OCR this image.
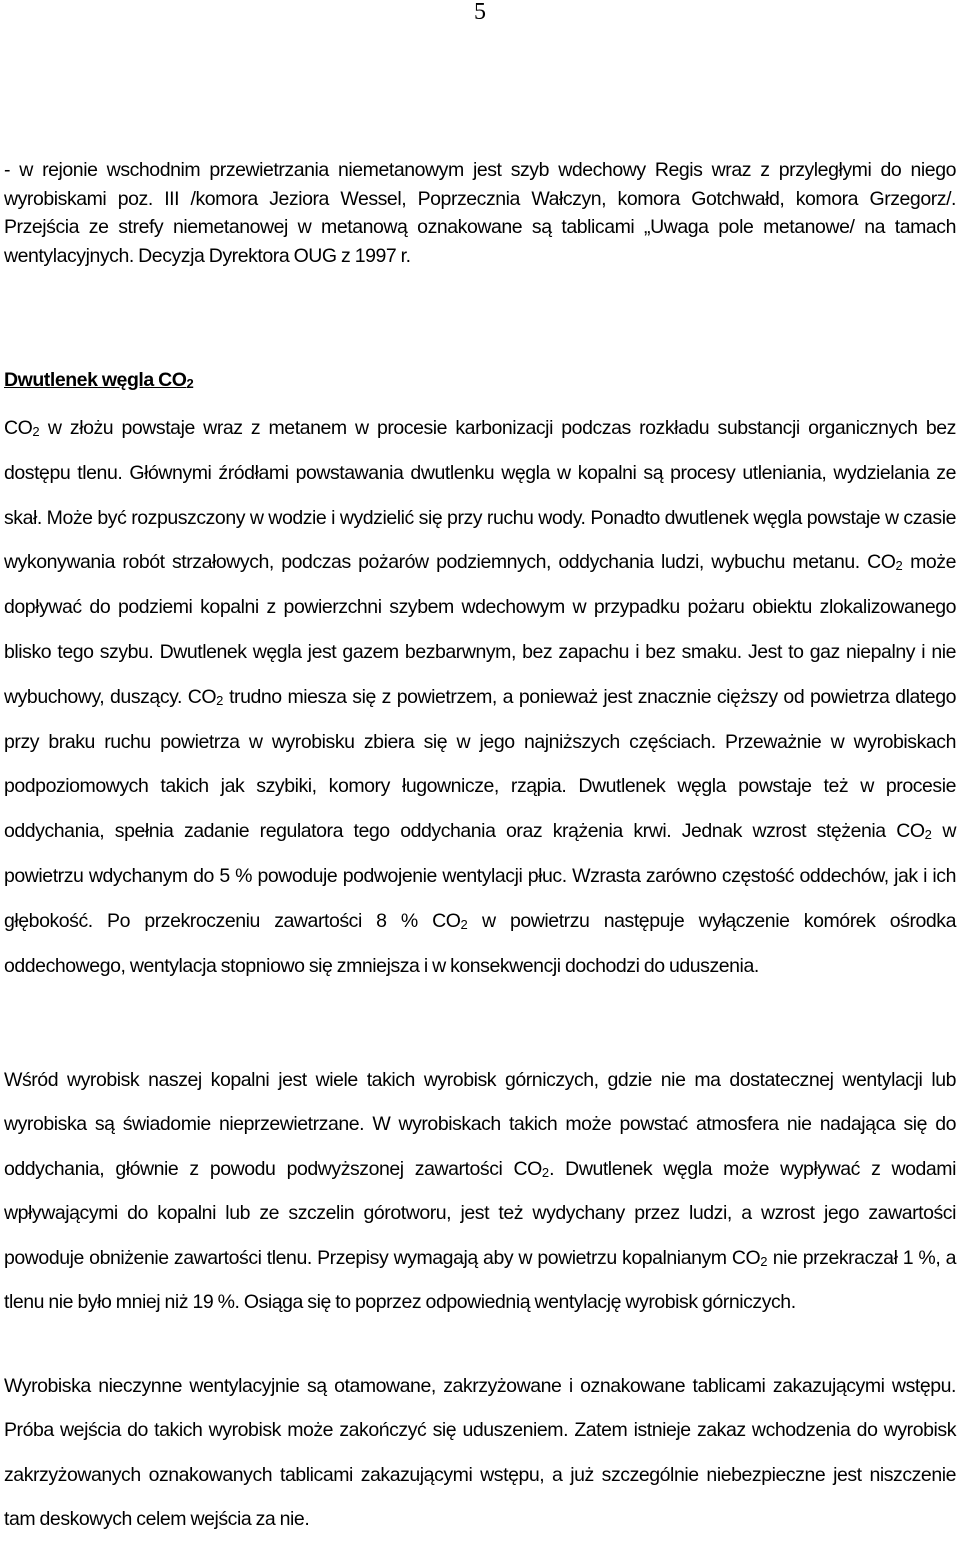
5

- w rejonie wschodnim przewietrzania niemetanowym jest szyb wdechowy Regis wraz z przyległymi do niego wyrobiskami poz. III /komora Jeziora Wessel, Poprzecznia Wałczyn, komora Gotchwałd, komora Grzegorz/. Przejścia ze strefy niemetanowej w metanową oznakowane są tablicami „Uwaga pole metanowe/ na tamach wentylacyjnych. Decyzja Dyrektora OUG z 1997 r.

Dwutlenek węgla $CO_2$

$CO_2$ w złożu powstaje wraz z metanem w procesie karbonizacji podczas rozkładu substancji organicznych bez dostępu tlenu. Głównymi źródłami powstawania dwutlenku węgla w kopalni są procesy utleniania, wydzielania ze skał. Może być rozpuszczony w wodzie i wydzielić się przy ruchu wody. Ponadto dwutlenek węgla powstaje w czasie wykonywania robót strzałowych, podczas pożarów podziemnych, oddychania ludzi, wybuchu metanu. $CO_2$ może dopływać do podziemi kopalni z powierzchni szybem wdechowym w przypadku pożaru obiektu zlokalizowanego blisko tego szybu. Dwutlenek węgla jest gazem bezbarwnym, bez zapachu i bez smaku. Jest to gaz niepalny i nie wybuchowy, duszący. $CO_2$ trudno miesza się z powietrzem, a ponieważ jest znacznie cięższy od powietrza dlatego przy braku ruchu powietrza w wyrobisku zbiera się w jego najniższych częściach. Przeważnie w wyrobiskach podpoziomowych takich jak szybiki, komory ługownicze, rząpia. Dwutlenek węgla powstaje też w procesie oddychania, spełnia zadanie regulatora tego oddychania oraz krążenia krwi. Jednak wzrost stężenia $CO_2$ w powietrzu wdychanym do 5 % powoduje podwojenie wentylacji płuc. Wzrasta zarówno częstość oddechów, jak i ich głębokość. Po przekroczeniu zawartości 8 % $CO_2$ w powietrzu następuje wyłączenie komórek ośrodka oddechowego, wentylacja stopniowo się zmniejsza i w konsekwencji dochodzi do uduszenia.

Wśród wyrobisk naszej kopalni jest wiele takich wyrobisk górniczych, gdzie nie ma dostatecznej wentylacji lub wyrobiska są świadomie nieprzewietrzane. W wyrobiskach takich może powstać atmosfera nie nadająca się do oddychania, głównie z powodu podwyższonej zawartości $CO_2$. Dwutlenek węgla może wypływać z wodami wpływającymi do kopalni lub ze szczelin górotworu, jest też wydychany przez ludzi, a wzrost jego zawartości powoduje obniżenie zawartości tlenu. Przepisy wymagają aby w powietrzu kopalnianym $CO_2$ nie przekraczał 1 %, a tlenu nie było mniej niż 19 %. Osiąga się to poprzez odpowiednią wentylację wyrobisk górniczych.

Wyrobiska nieczynne wentylacyjnie są otamowane, zakrzyżowane i oznakowane tablicami zakazującymi wstępu. Próba wejścia do takich wyrobisk może zakończyć się uduszeniem. Zatem istnieje zakaz wchodzenia do wyrobisk zakrzyżowanych oznakowanych tablicami zakazującymi wstępu, a już szczególnie niebezpieczne jest niszczenie tam deskowych celem wejścia za nie.
